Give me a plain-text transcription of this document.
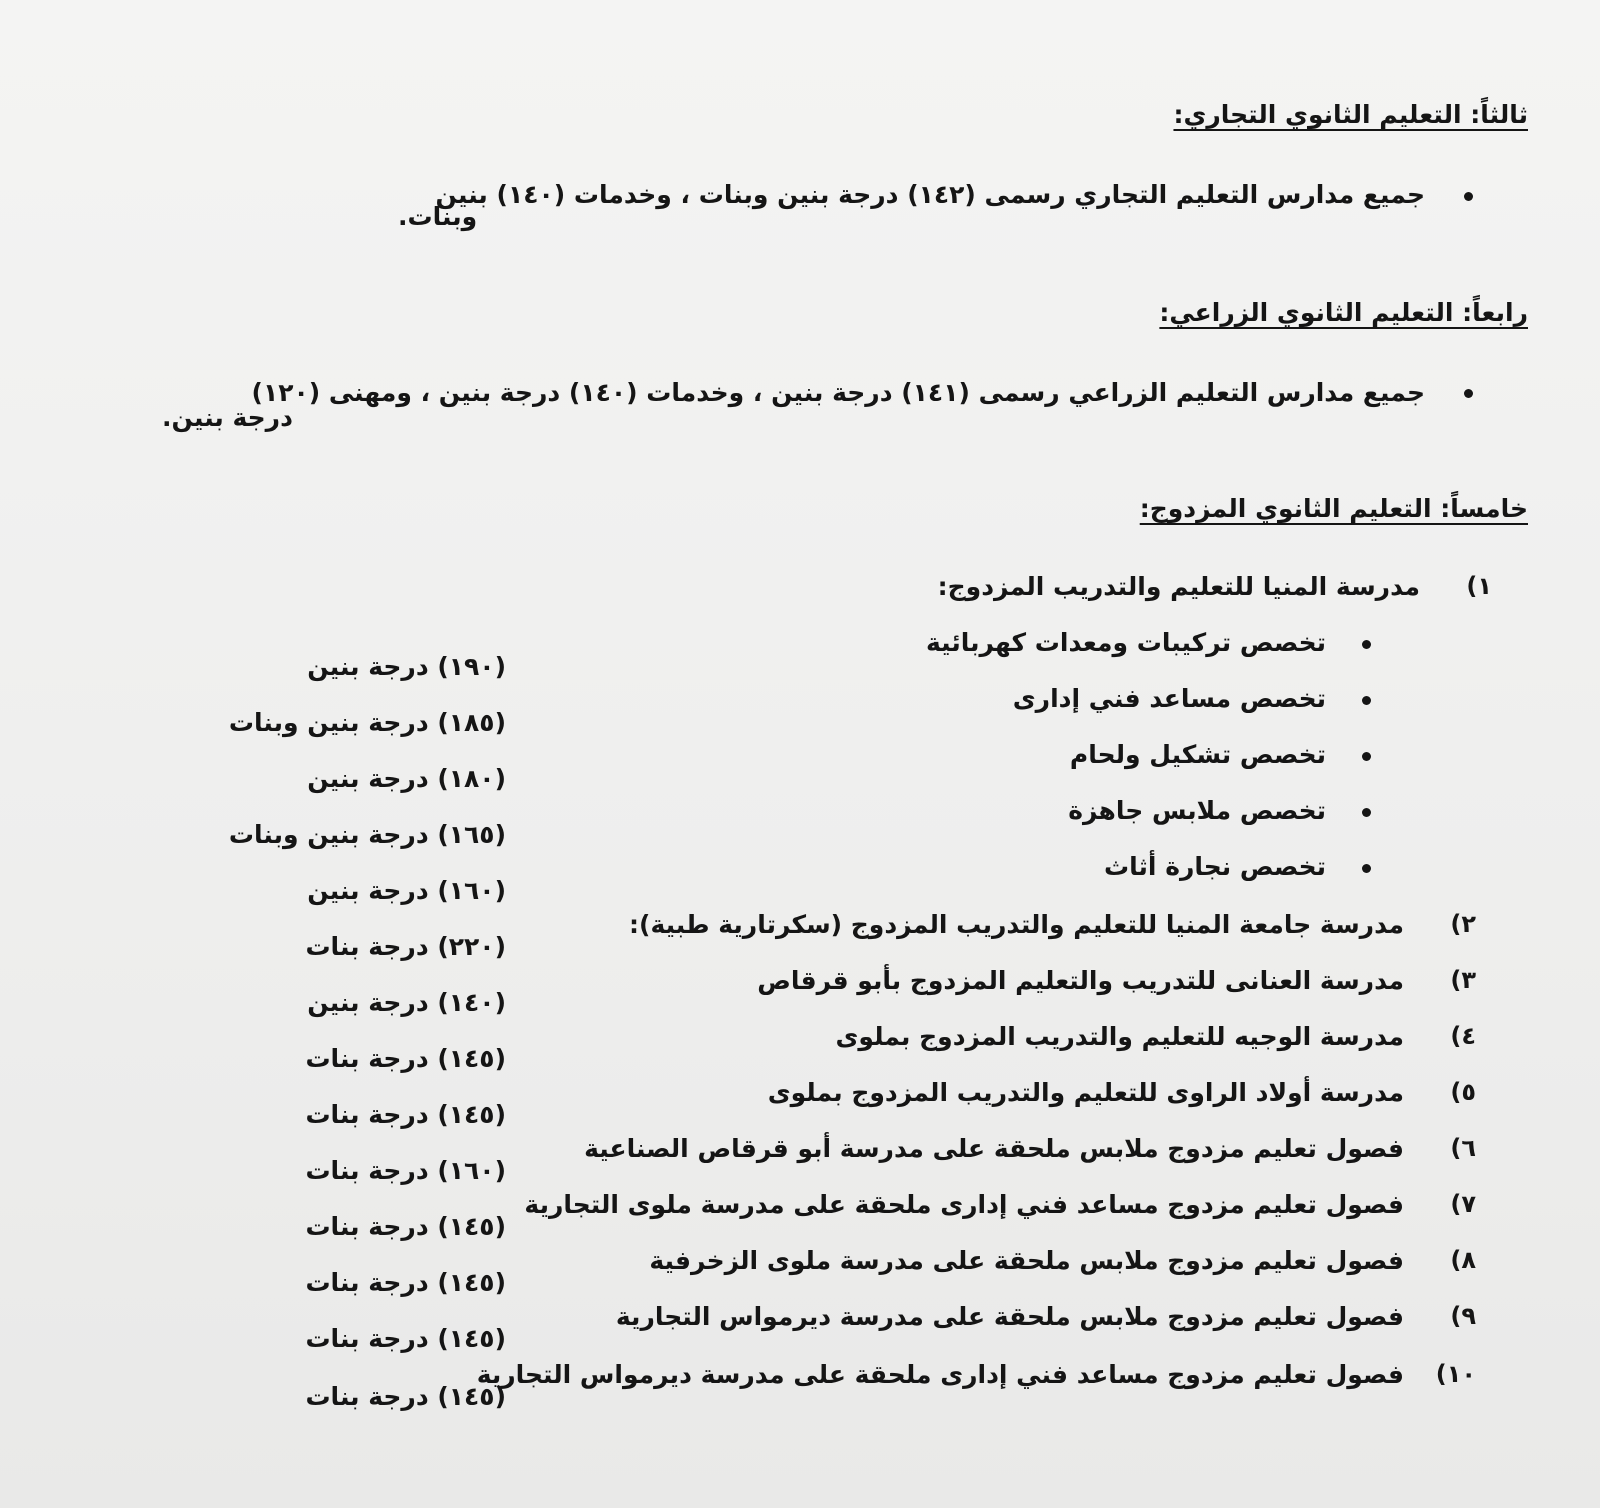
ثالثاً: التعليم الثانوي التجاري:
جميع مدارس التعليم التجاري رسمى (١٤٢) درجة بنين وبنات ، وخدمات (١٤٠) بنين
وبنات.
رابعاً: التعليم الثانوي الزراعي:
جميع مدارس التعليم الزراعي رسمى (١٤١) درجة بنين ، وخدمات (١٤٠) درجة بنين ، ومهنى (١٢٠)
درجة بنين.
خامساً: التعليم الثانوي المزدوج:
١)
مدرسة المنيا للتعليم والتدريب المزدوج:
تخصص تركيبات ومعدات كهربائية
(١٩٠) درجة بنين
تخصص مساعد فني إدارى
(١٨٥) درجة بنين وبنات
تخصص تشكيل ولحام
(١٨٠) درجة بنين
تخصص ملابس جاهزة
(١٦٥) درجة بنين وبنات
تخصص نجارة أثاث
(١٦٠) درجة بنين
٢)
مدرسة جامعة المنيا للتعليم والتدريب المزدوج (سكرتارية طبية):
(٢٢٠) درجة بنات
٣)
مدرسة العنانى للتدريب والتعليم المزدوج بأبو قرقاص
(١٤٠) درجة بنين
٤)
مدرسة الوجيه للتعليم والتدريب المزدوج بملوى
(١٤٥) درجة بنات
٥)
مدرسة أولاد الراوى للتعليم والتدريب المزدوج بملوى
(١٤٥) درجة بنات
٦)
فصول تعليم مزدوج ملابس ملحقة على مدرسة أبو قرقاص الصناعية
(١٦٠) درجة بنات
٧)
فصول تعليم مزدوج مساعد فني إدارى ملحقة على مدرسة ملوى التجارية
(١٤٥) درجة بنات
٨)
فصول تعليم مزدوج ملابس ملحقة على مدرسة ملوى الزخرفية
(١٤٥) درجة بنات
٩)
فصول تعليم مزدوج ملابس ملحقة على مدرسة ديرمواس التجارية
(١٤٥) درجة بنات
١٠)
فصول تعليم مزدوج مساعد فني إدارى ملحقة على مدرسة ديرمواس التجارية
(١٤٥) درجة بنات
